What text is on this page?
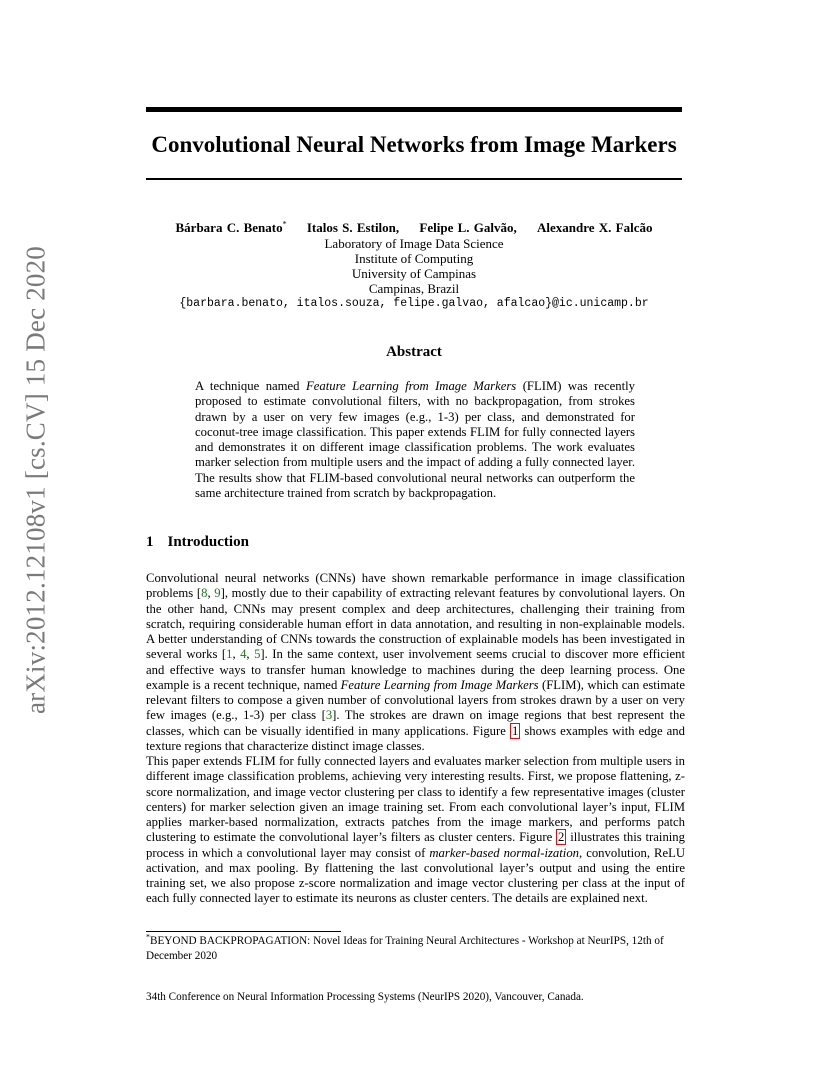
arXiv:2012.12108v1 [cs.CV] 15 Dec 2020
Convolutional Neural Networks from Image Markers
Bárbara C. Benato* Italos S. Estilon, Felipe L. Galvão, Alexandre X. Falcão
Laboratory of Image Data Science
Institute of Computing
University of Campinas
Campinas, Brazil
{barbara.benato, italos.souza, felipe.galvao, afalcao}@ic.unicamp.br
Abstract
A technique named Feature Learning from Image Markers (FLIM) was recently proposed to estimate convolutional filters, with no backpropagation, from strokes drawn by a user on very few images (e.g., 1-3) per class, and demonstrated for coconut-tree image classification. This paper extends FLIM for fully connected layers and demonstrates it on different image classification problems. The work evaluates marker selection from multiple users and the impact of adding a fully connected layer. The results show that FLIM-based convolutional neural networks can outperform the same architecture trained from scratch by backpropagation.
1 Introduction
Convolutional neural networks (CNNs) have shown remarkable performance in image classification problems [8, 9], mostly due to their capability of extracting relevant features by convolutional layers. On the other hand, CNNs may present complex and deep architectures, challenging their training from scratch, requiring considerable human effort in data annotation, and resulting in non-explainable models. A better understanding of CNNs towards the construction of explainable models has been investigated in several works [1, 4, 5]. In the same context, user involvement seems crucial to discover more efficient and effective ways to transfer human knowledge to machines during the deep learning process. One example is a recent technique, named Feature Learning from Image Markers (FLIM), which can estimate relevant filters to compose a given number of convolutional layers from strokes drawn by a user on very few images (e.g., 1-3) per class [3]. The strokes are drawn on image regions that best represent the classes, which can be visually identified in many applications. Figure 1 shows examples with edge and texture regions that characterize distinct image classes.
This paper extends FLIM for fully connected layers and evaluates marker selection from multiple users in different image classification problems, achieving very interesting results. First, we propose flattening, z-score normalization, and image vector clustering per class to identify a few representative images (cluster centers) for marker selection given an image training set. From each convolutional layer’s input, FLIM applies marker-based normalization, extracts patches from the image markers, and performs patch clustering to estimate the convolutional layer’s filters as cluster centers. Figure 2 illustrates this training process in which a convolutional layer may consist of marker-based normal-ization, convolution, ReLU activation, and max pooling. By flattening the last convolutional layer’s output and using the entire training set, we also propose z-score normalization and image vector clustering per class at the input of each fully connected layer to estimate its neurons as cluster centers. The details are explained next.
*BEYOND BACKPROPAGATION: Novel Ideas for Training Neural Architectures - Workshop at NeurIPS, 12th of December 2020
34th Conference on Neural Information Processing Systems (NeurIPS 2020), Vancouver, Canada.
